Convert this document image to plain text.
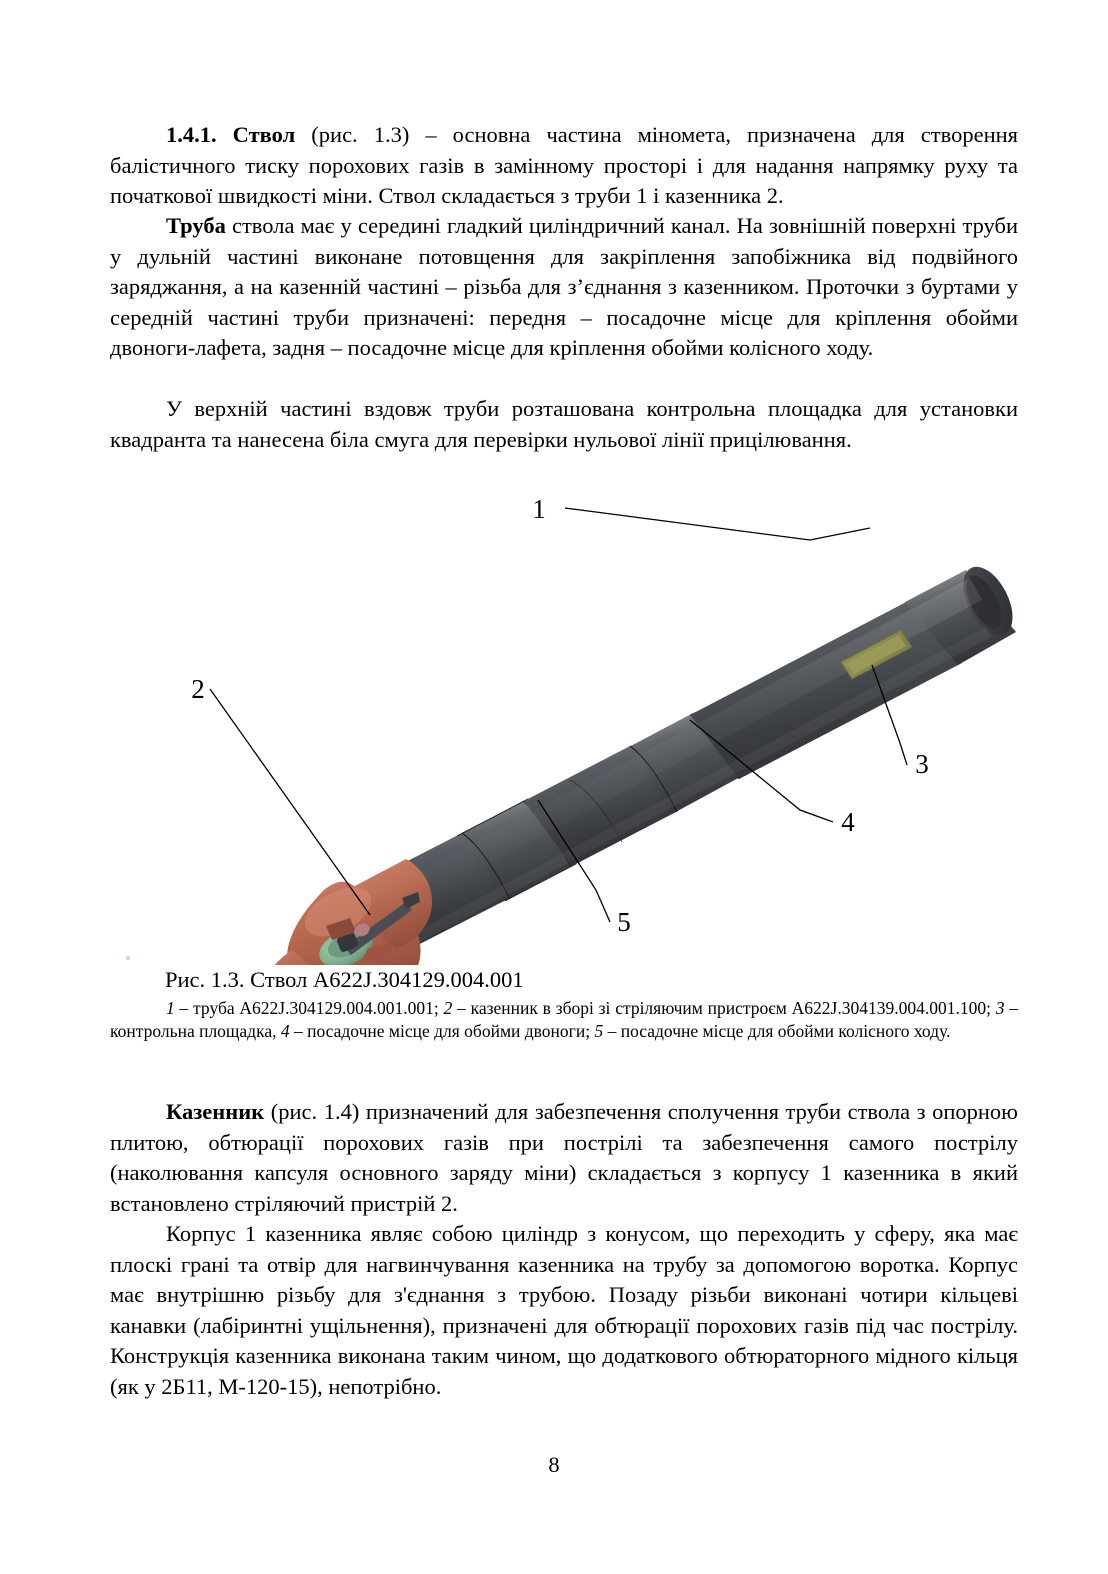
1.4.1. Ствол (рис. 1.3) – основна частина міномета, призначена для створення балістичного тиску порохових газів в замінному просторі і для надання напрямку руху та початкової швидкості міни. Ствол складається з труби 1 і казенника 2.

Труба ствола має у середині гладкий циліндричний канал. На зовнішній поверхні труби у дульній частині виконане потовщення для закріплення запобіжника від подвійного заряджання, а на казенній частині – різьба для з’єднання з казенником. Проточки з буртами у середній частині труби призначені: передня – посадочне місце для кріплення обойми двоноги-лафета, задня – посадочне місце для кріплення обойми колісного ходу.

У верхній частині вздовж труби розташована контрольна площадка для установки квадранта та нанесена біла смуга для перевірки нульової лінії прицілювання.

1
2
3
4
5
Рис. 1.3. Ствол А622J.304129.004.001

1 – труба А622J.304129.004.001.001; 2 – казенник в зборі зі стріляючим пристроєм А622J.304139.004.001.100; 3 – контрольна площадка, 4 – посадочне місце для обойми двоноги; 5 – посадочне місце для обойми колісного ходу.

Казенник (рис. 1.4) призначений для забезпечення сполучення труби ствола з опорною плитою, обтюрації порохових газів при пострілі та забезпечення самого пострілу (наколювання капсуля основного заряду міни) складається з корпусу 1 казенника в який встановлено стріляючий пристрій 2.

Корпус 1 казенника являє собою циліндр з конусом, що переходить у сферу, яка має плоскі грані та отвір для нагвинчування казенника на трубу за допомогою воротка. Корпус має внутрішню різьбу для з'єднання з трубою. Позаду різьби виконані чотири кільцеві канавки (лабіринтні ущільнення), призначені для обтюрації порохових газів під час пострілу. Конструкція казенника виконана таким чином, що додаткового обтюраторного мідного кільця (як у 2Б11, М-120-15), непотрібно.

8
